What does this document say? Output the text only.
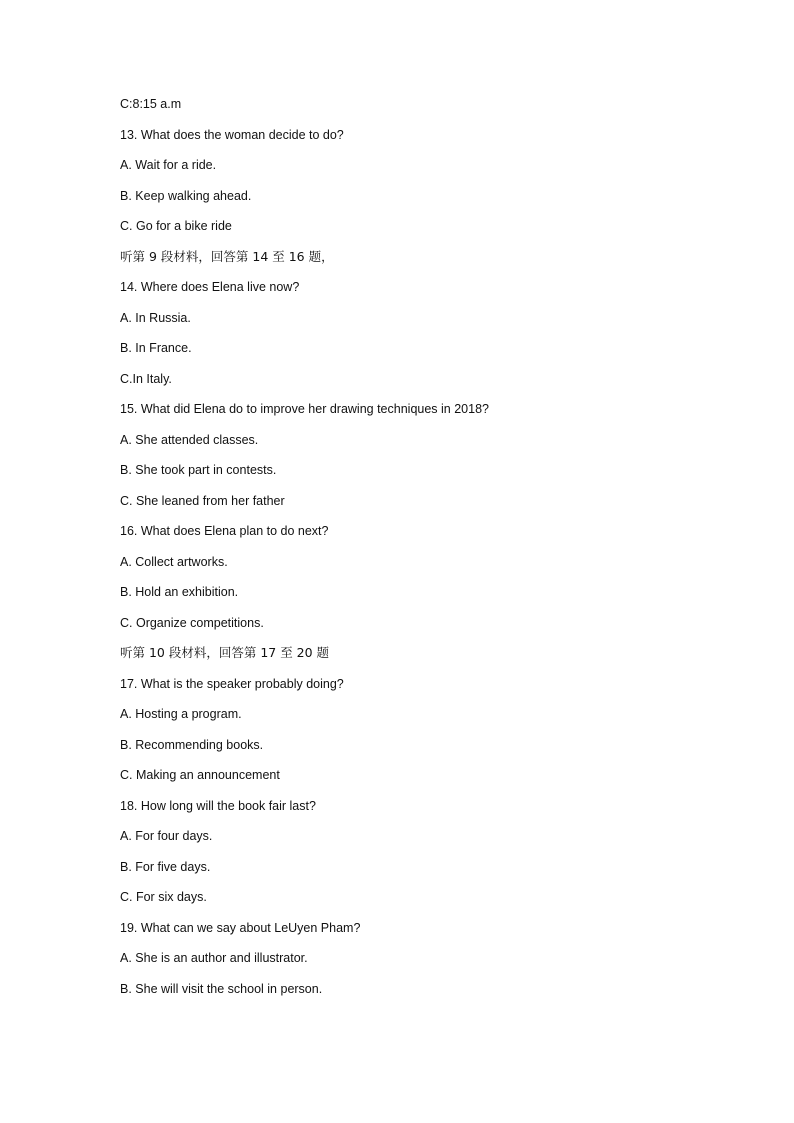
C:8:15 a.m
13. What does the woman decide to do?
A. Wait for a ride.
B. Keep walking ahead.
C. Go for a bike ride
听第 9 段材料，回答第 14 至 16 题，
14. Where does Elena live now?
A. In Russia.
B. In France.
C.In Italy.
15. What did Elena do to improve her drawing techniques in 2018?
A. She attended classes.
B. She took part in contests.
C. She leaned from her father
16. What does Elena plan to do next?
A. Collect artworks.
B. Hold an exhibition.
C. Organize competitions.
听第 10 段材料，回答第 17 至 20 题
17. What is the speaker probably doing?
A. Hosting a program.
B. Recommending books.
C. Making an announcement
18. How long will the book fair last?
A. For four days.
B. For five days.
C. For six days.
19. What can we say about LeUyen Pham?
A. She is an author and illustrator.
B. She will visit the school in person.
